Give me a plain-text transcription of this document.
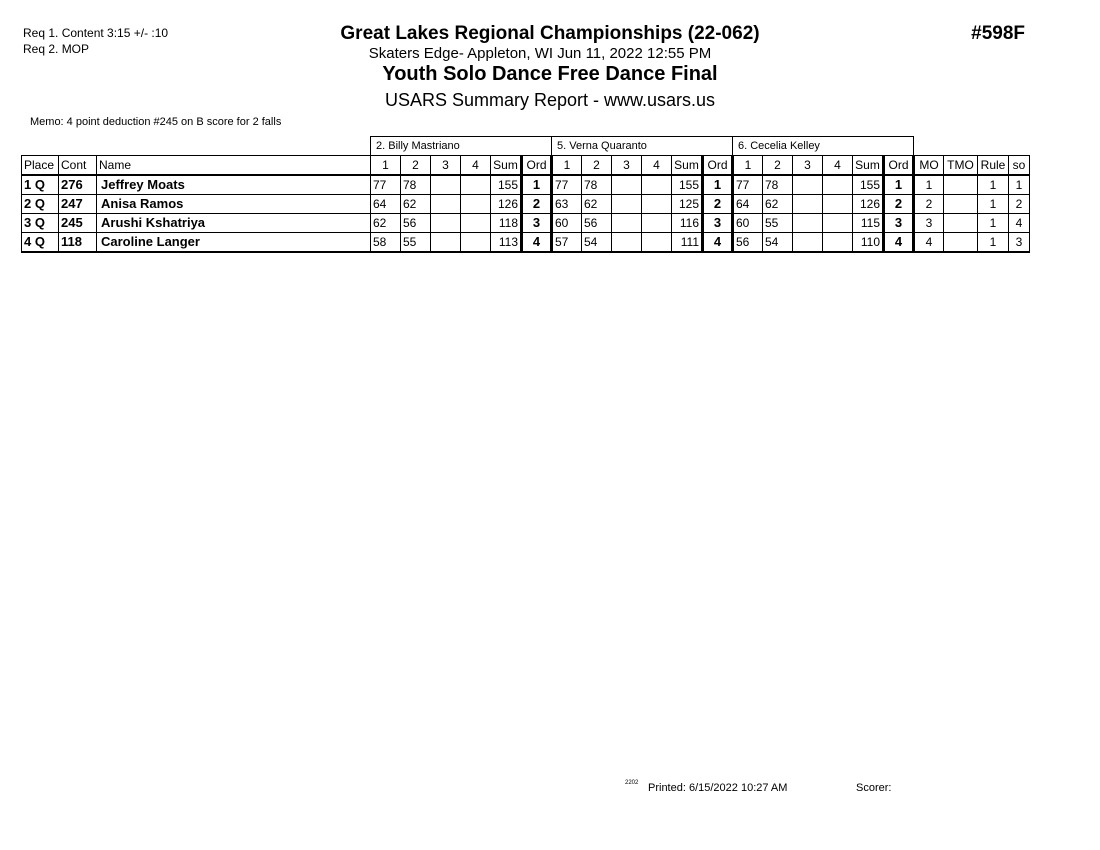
Req 1. Content 3:15 +/- :10
Req 2. MOP
#598F
Great Lakes Regional Championships (22-062)
Skaters Edge- Appleton, WI Jun 11, 2022 12:55 PM
Youth Solo Dance Free Dance Final
USARS Summary Report - www.usars.us
Memo: 4 point deduction #245 on B score for 2 falls
			2. Billy Mastriano						5. Verna Quaranto						6. Cecelia Kelley									
Place	Cont	Name	1	2	3	4	Sum	Ord	1	2	3	4	Sum	Ord	1	2	3	4	Sum	Ord	MO	TMO	Rule	so
1 Q	276	Jeffrey Moats	77	78			155	1	77	78			155	1	77	78			155	1	1		1	1
2 Q	247	Anisa Ramos	64	62			126	2	63	62			125	2	64	62			126	2	2		1	2
3 Q	245	Arushi Kshatriya	62	56			118	3	60	56			116	3	60	55			115	3	3		1	4
4 Q	118	Caroline Langer	58	55			113	4	57	54			111	4	56	54			110	4	4		1	3
2202 Printed: 6/15/2022 10:27 AM	Scorer:
